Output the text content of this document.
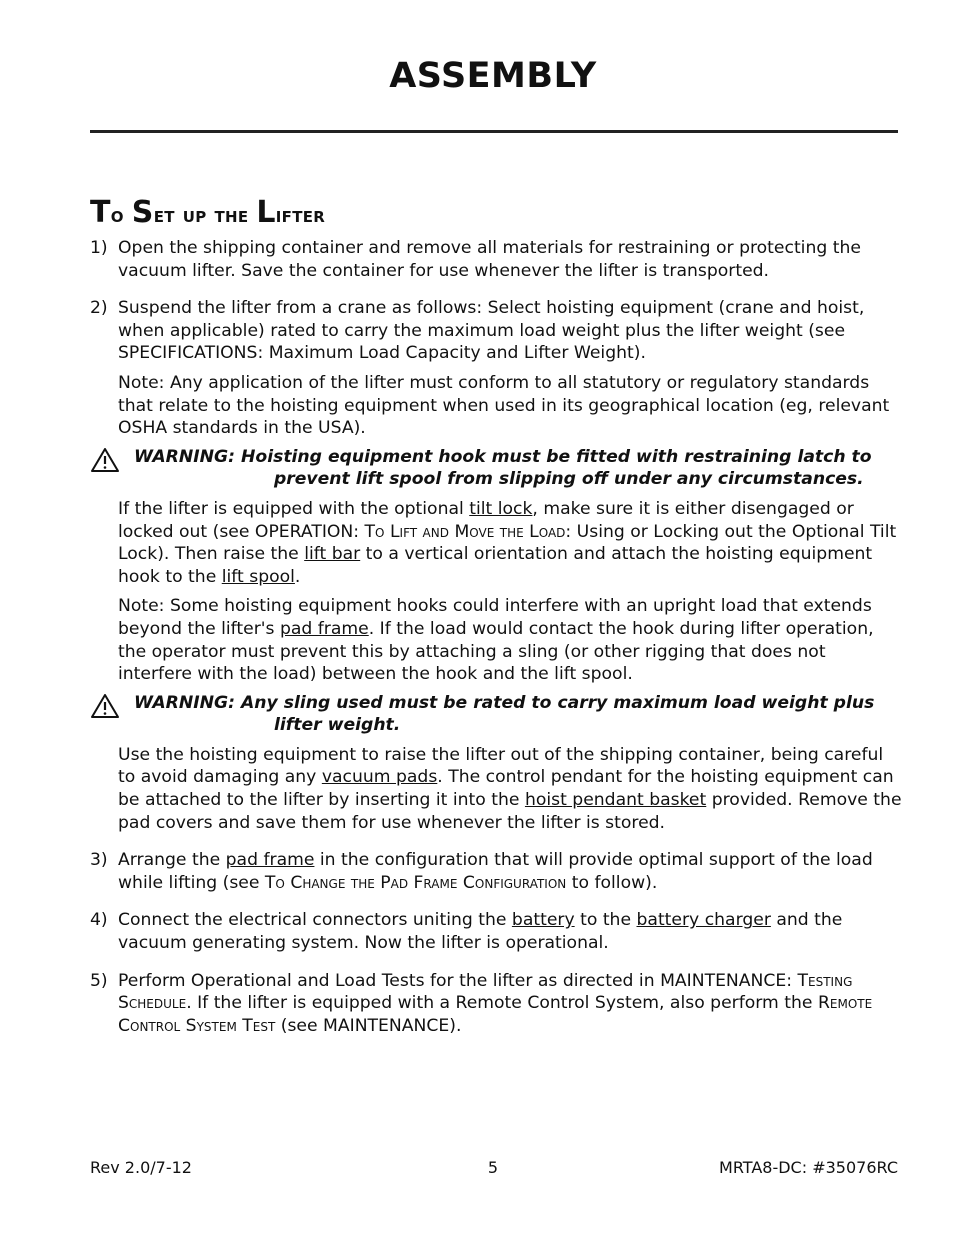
ASSEMBLY
To Set up the Lifter
1) Open the shipping container and remove all materials for restraining or protecting the vacuum lifter. Save the container for use whenever the lifter is transported.

2) Suspend the lifter from a crane as follows: Select hoisting equipment (crane and hoist, when applicable) rated to carry the maximum load weight plus the lifter weight (see SPECIFICATIONS: Maximum Load Capacity and Lifter Weight).

Note: Any application of the lifter must conform to all statutory or regulatory standards that relate to the hoisting equipment when used in its geographical location (eg, relevant OSHA standards in the USA).

WARNING: Hoisting equipment hook must be fitted with restraining latch to
prevent lift spool from slipping off under any circumstances.

If the lifter is equipped with the optional tilt lock, make sure it is either disengaged or locked out (see OPERATION: To Lift and Move the Load: Using or Locking out the Optional Tilt Lock). Then raise the lift bar to a vertical orientation and attach the hoisting equipment hook to the lift spool.

Note: Some hoisting equipment hooks could interfere with an upright load that extends beyond the lifter's pad frame. If the load would contact the hook during lifter operation, the operator must prevent this by attaching a sling (or other rigging that does not interfere with the load) between the hook and the lift spool.

WARNING: Any sling used must be rated to carry maximum load weight plus
lifter weight.

Use the hoisting equipment to raise the lifter out of the shipping container, being careful to avoid damaging any vacuum pads. The control pendant for the hoisting equipment can be attached to the lifter by inserting it into the hoist pendant basket provided. Remove the pad covers and save them for use whenever the lifter is stored.

3) Arrange the pad frame in the configuration that will provide optimal support of the load while lifting (see To Change the Pad Frame Configuration to follow).

4) Connect the electrical connectors uniting the battery to the battery charger and the vacuum generating system. Now the lifter is operational.

5) Perform Operational and Load Tests for the lifter as directed in MAINTENANCE: Testing Schedule. If the lifter is equipped with a Remote Control System, also perform the Remote Control System Test (see MAINTENANCE).

Rev 2.0/7-12	5	MRTA8-DC: #35076RC
